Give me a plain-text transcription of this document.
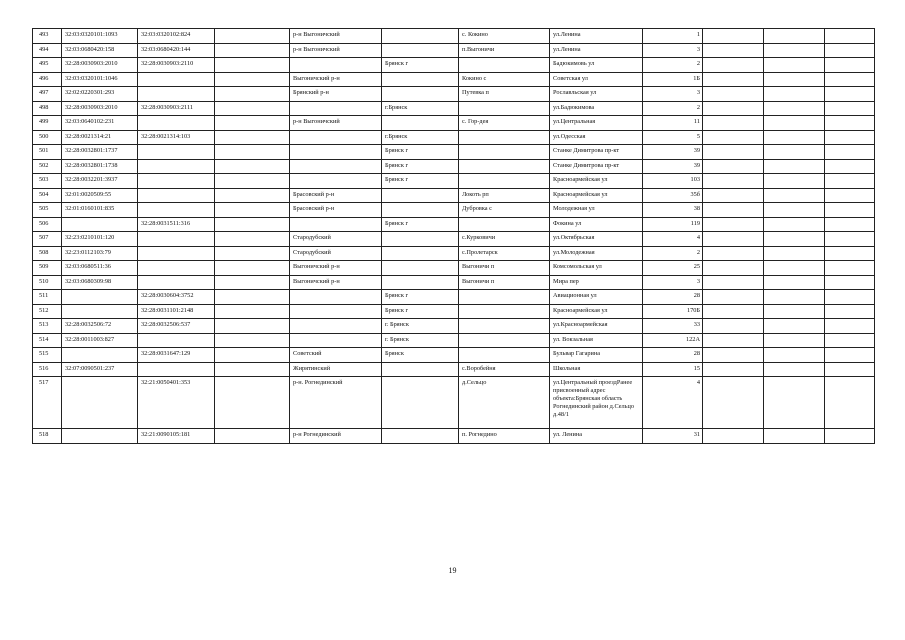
493	32:03:0320101:1093	32:03:0320102:824		р-н Выгоничский		с. Кокино	ул.Ленина	1			
494	32:03:0680420:158	32:03:0680420:144		р-н Выгоничский		п.Выгоничи	ул.Ленина	3			
495	32:28:0030903:2010	32:28:0030903:2110			Брянск г		Бадюкимовь ул	2			
496	32:03:0320101:1046			Выгоничский р-н		Кокино с	Советская ул	1Б			
497	32:02:0220301:293			Брянский р-н		Путевка п	Рославльская ул	3			
498	32:28:0030903:2010	32:28:0030903:2111			г.Брянск		ул.Бадюкимова	2			
499	32:03:0640102:231			р-н Выгоничский		с. Гор-дея	ул.Центральная	11			
500	32:28:0021314:21	32:28:0021314:103			г.Брянск		ул.Одесская	5			
501	32:28:0032801:1737				Брянск г		Станке Димитрова пр-кт	39			
502	32:28:0032801:1738				Брянск г		Станке Димитрова пр-кт	39			
503	32:28:0032201:3937				Брянск г		Красноармейская ул	103			
504	32:01:0020509:55			Брасовский р-н		Локоть рп	Красноармейская ул	35б			
505	32:01:0160101:835			Брасовский р-н		Дубровка с	Молодежная ул	38			
506		32:28:0031511:316			Брянск г		Фокина ул	119			
507	32:23:0210101:120			Стародубский		с.Курковичи	ул.Октябрьская	4			
508	32:23:0112103:79			Стародубский		с.Пролетарск	ул.Молодежная	2			
509	32:03:0680511:36			Выгоничский р-н		Выгоничи п	Комсомольская ул	25			
510	32:03:0680309:98			Выгоничский р-н		Выгоничи п	Мира пер	3			
511		32:28:0030604:3752			Брянск г		Авиационная ул	28			
512		32:28:0031101:2148			Брянск г		Красноармейская ул	170Б			
513	32:28:0032506:72	32:28:0032506:537			г. Брянск		ул.Красноармейская	33			
514	32:28:0011003:827				г. Брянск		ул. Вокзальная	122А			
515		32:28:0031647:129		Советский	Брянск		Бульвар Гагарина	28			
516	32:07:0090501:237			Жирятинский		с.Воробейня	Школьная	15			
517		32:21:0050401:353		р-н. Рогнединский		д.Сельцо	ул.Центральный проездРанее присвоенный адрес объекта:Брянская область Рогнединский район д.Сельцо д.48/1	4			
518		32:21:0090105:181		р-н Рогнединский		п. Рогнедино	ул. Ленина	31			
19
